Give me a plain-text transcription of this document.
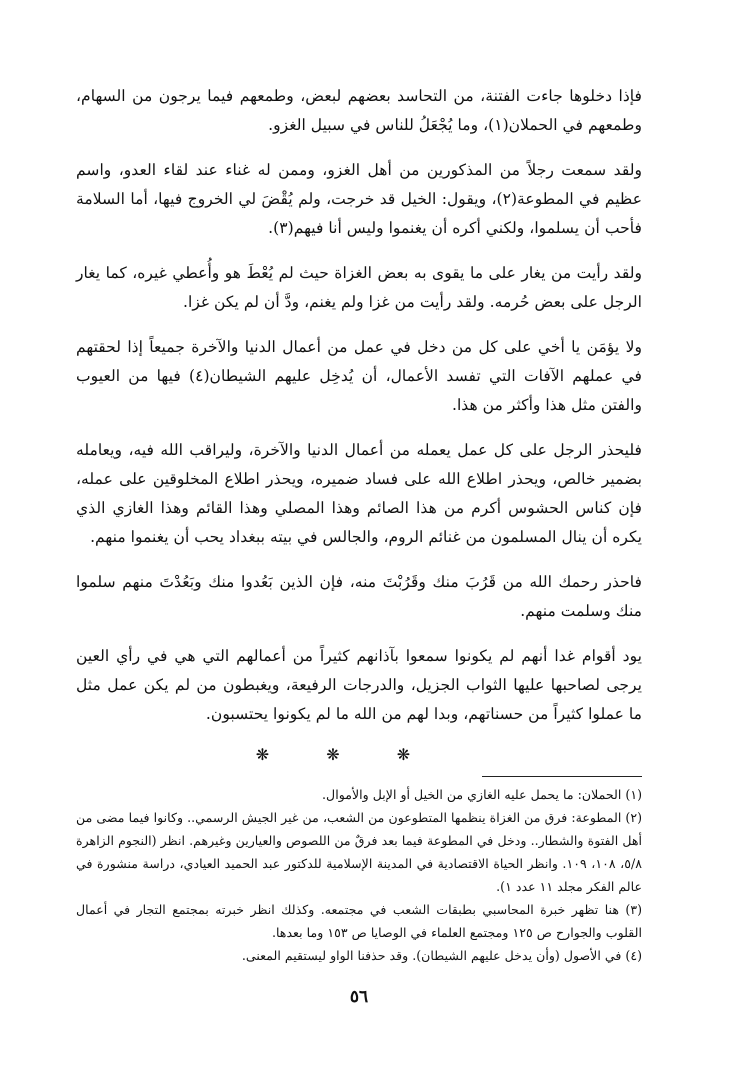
فإذا دخلوها جاءت الفتنة، من التحاسد بعضهم لبعض، وطمعهم فيما يرجون من السهام، وطمعهم في الحملان(١)، وما يُجْعَلُ للناس في سبيل الغزو.

ولقد سمعت رجلاً من المذكورين من أهل الغزو، وممن له غناء عند لقاء العدو، واسم عظيم في المطوعة(٢)، ويقول: الخيل قد خرجت، ولم يُقْضَ لي الخروج فيها، أما السلامة فأحب أن يسلموا، ولكني أكره أن يغنموا وليس أنا فيهم(٣).

ولقد رأيت من يغار على ما يقوى به بعض الغزاة حيث لم يُعْطَ هو وأُعطي غيره، كما يغار الرجل على بعض حُرمه. ولقد رأيت من غزا ولم يغنم، ودَّ أن لم يكن غزا.

ولا يؤمَن يا أخي على كل من دخل في عمل من أعمال الدنيا والآخرة جميعاً إذا لحقتهم في عملهم الآفات التي تفسد الأعمال، أن يُدخِل عليهم الشيطان(٤) فيها من العيوب والفتن مثل هذا وأكثر من هذا.

فليحذر الرجل على كل عمل يعمله من أعمال الدنيا والآخرة، وليراقب الله فيه، ويعامله بضمير خالص، ويحذر اطلاع الله على فساد ضميره، ويحذر اطلاع المخلوقين على عمله، فإن كناس الحشوس أكرم من هذا الصائم وهذا المصلي وهذا القائم وهذا الغازي الذي يكره أن ينال المسلمون من غنائم الروم، والجالس في بيته ببغداد يحب أن يغنموا منهم.

فاحذر رحمك الله من قَرُبَ منك وقَرُبْتَ منه، فإن الذين بَعُدوا منك وبَعُدْتَ منهم سلموا منك وسلمت منهم.

يود أقوام غدا أنهم لم يكونوا سمعوا بآذانهم كثيراً من أعمالهم التي هي في رأي العين يرجى لصاحبها عليها الثواب الجزيل، والدرجات الرفيعة، ويغبطون من لم يكن عمل مثل ما عملوا كثيراً من حسناتهم، وبدا لهم من الله ما لم يكونوا يحتسبون.

❋ ❋ ❋

(١) الحملان: ما يحمل عليه الغازي من الخيل أو الإبل والأموال.

(٢) المطوعة: فرق من الغزاة ينظمها المتطوعون من الشعب، من غير الجيش الرسمي.. وكانوا فيما مضى من أهل الفتوة والشطار.. ودخل في المطوعة فيما بعد فرقٌ من اللصوص والعيارين وغيرهم. انظر (النجوم الزاهرة ٥/٨، ١٠٨، ١٠٩. وانظر الحياة الاقتصادية في المدينة الإسلامية للدكتور عبد الحميد العيادي، دراسة منشورة في عالم الفكر مجلد ١١ عدد ١).

(٣) هنا تظهر خبرة المحاسبي بطبقات الشعب في مجتمعه. وكذلك انظر خبرته بمجتمع التجار في أعمال القلوب والجوارح ص ١٢٥ ومجتمع العلماء في الوصايا ص ١٥٣ وما بعدها.

(٤) في الأصول (وأن يدخل عليهم الشيطان). وقد حذفنا الواو ليستقيم المعنى.

٥٦
